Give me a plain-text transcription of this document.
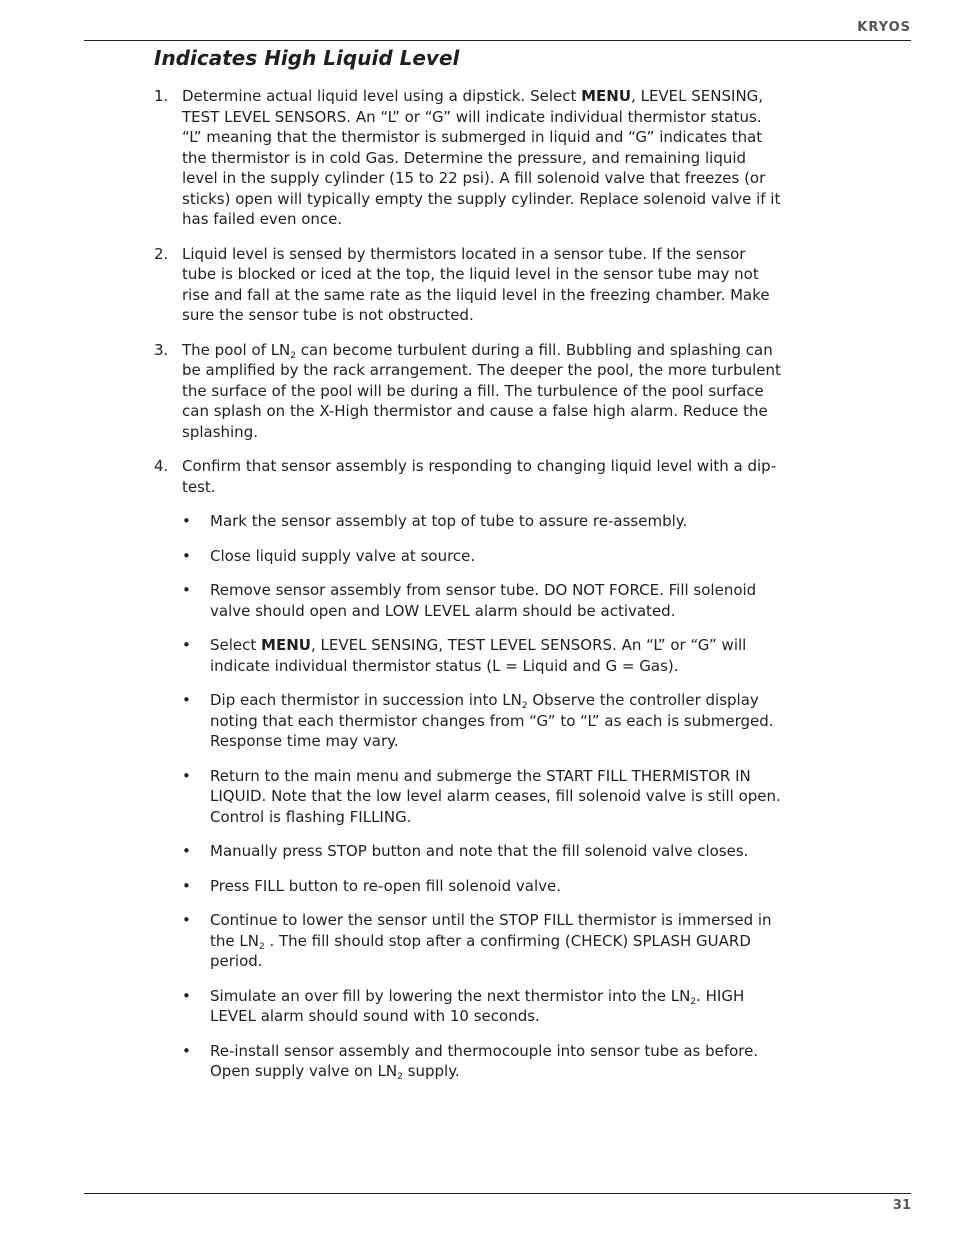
KRYOS
Indicates High Liquid Level
1. Determine actual liquid level using a dipstick. Select MENU, LEVEL SENSING, TEST LEVEL SENSORS. An “L” or “G” will indicate individual thermistor status. “L” meaning that the thermistor is submerged in liquid and “G” indicates that the thermistor is in cold Gas. Determine the pressure, and remaining liquid level in the supply cylinder (15 to 22 psi). A fill solenoid valve that freezes (or sticks) open will typically empty the supply cylinder. Replace solenoid valve if it has failed even once.
2. Liquid level is sensed by thermistors located in a sensor tube. If the sensor tube is blocked or iced at the top, the liquid level in the sensor tube may not rise and fall at the same rate as the liquid level in the freezing chamber. Make sure the sensor tube is not obstructed.
3. The pool of $LN_2$ can become turbulent during a fill. Bubbling and splashing can be amplified by the rack arrangement. The deeper the pool, the more turbulent the surface of the pool will be during a fill. The turbulence of the pool surface can splash on the X-High thermistor and cause a false high alarm. Reduce the splashing.
4. Confirm that sensor assembly is responding to changing liquid level with a dip-test.
•	Mark the sensor assembly at top of tube to assure re-assembly.
•	Close liquid supply valve at source.
•	Remove sensor assembly from sensor tube. DO NOT FORCE. Fill solenoid valve should open and LOW LEVEL alarm should be activated.
•	Select MENU, LEVEL SENSING, TEST LEVEL SENSORS. An “L” or “G” will indicate individual thermistor status (L = Liquid and G = Gas).
•	Dip each thermistor in succession into $LN_2$ Observe the controller display noting that each thermistor changes from “G” to “L” as each is submerged. Response time may vary.
•	Return to the main menu and submerge the START FILL THERMISTOR IN LIQUID. Note that the low level alarm ceases, fill solenoid valve is still open. Control is flashing FILLING.
•	Manually press STOP button and note that the fill solenoid valve closes.
•	Press FILL button to re-open fill solenoid valve.
•	Continue to lower the sensor until the STOP FILL thermistor is immersed in the $LN_2$ . The fill should stop after a confirming (CHECK) SPLASH GUARD period.
•	Simulate an over fill by lowering the next thermistor into the $LN_2$. HIGH LEVEL alarm should sound with 10 seconds.
•	Re-install sensor assembly and thermocouple into sensor tube as before. Open supply valve on $LN_2$ supply.
31
